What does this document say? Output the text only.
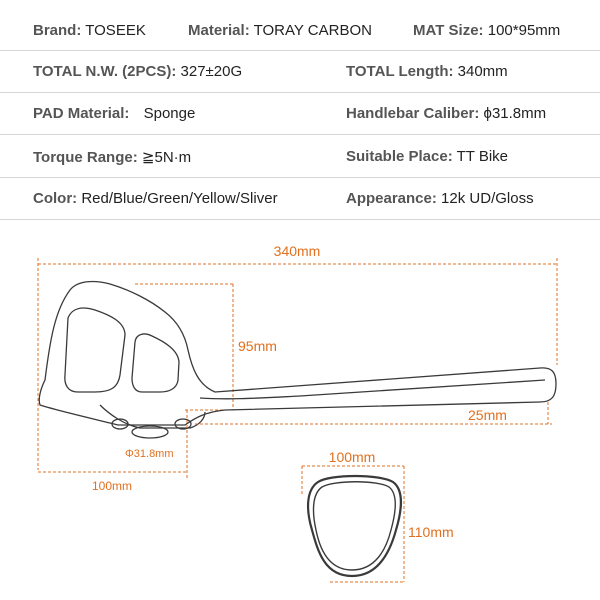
Brand: TOSEEK	Material: TORAY CARBON	MAT Size: 100*95mm
TOTAL N.W. (2PCS): 327±20G	TOTAL Length: 340mm
PAD Material: Sponge	Handlebar Caliber: ϕ31.8mm
Torque Range: ≧5N·m	Suitable Place: TT Bike
Color: Red/Blue/Green/Yellow/Sliver	Appearance: 12k UD/Gloss
340mm
95mm
25mm
Φ31.8mm
100mm
100mm
110mm
